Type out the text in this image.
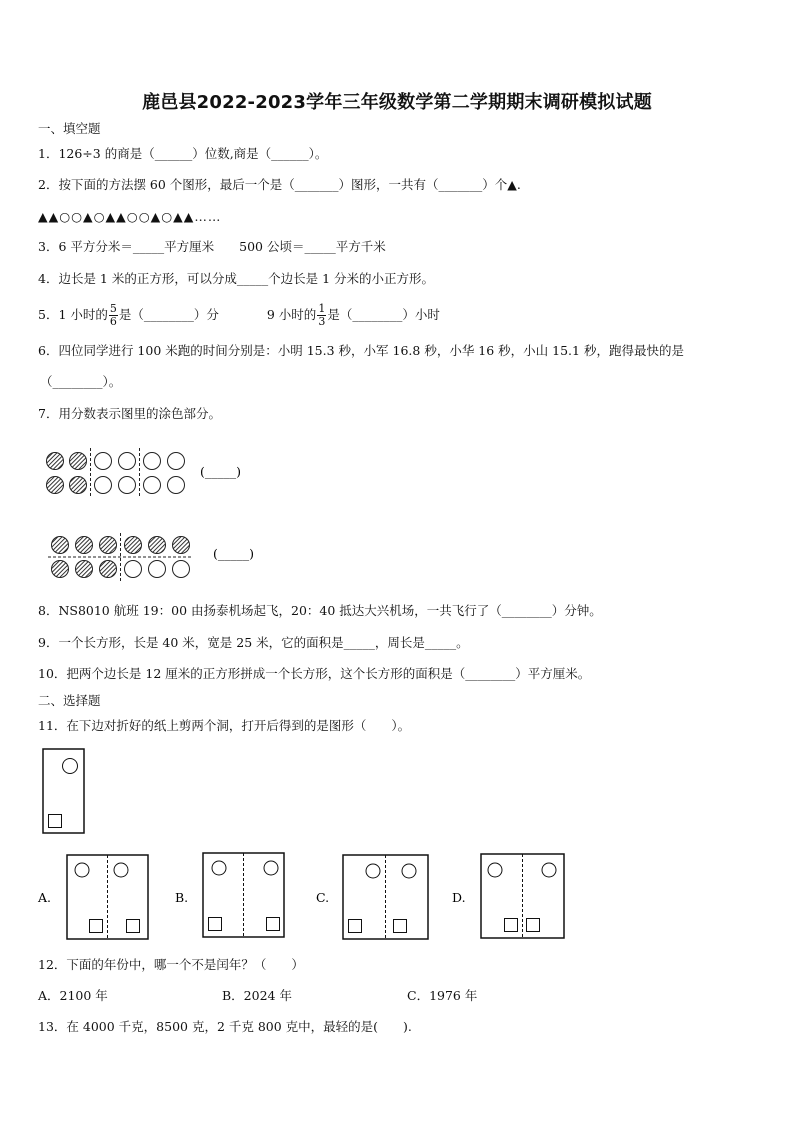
鹿邑县2022-2023学年三年级数学第二学期期末调研模拟试题
一、填空题
1．126÷3 的商是（______）位数,商是（______）。
2．按下面的方法摆 60 个图形，最后一个是（_______）图形，一共有（_______）个▲.
▲▲○○▲○▲▲○○▲○▲▲……
3．6 平方分米＝_____平方厘米　　500 公顷＝_____平方千米
4．边长是 1 米的正方形，可以分成_____个边长是 1 分米的小正方形。
5．1 小时的 $\frac{5}{6}$ 是（________）分	9 小时的 $\frac{1}{3}$ 是（________）小时
6．四位同学进行 100 米跑的时间分别是：小明 15.3 秒，小军 16.8 秒，小华 16 秒，小山 15.1 秒，跑得最快的是
（________）。
7．用分数表示图里的涂色部分。
(_____)
(_____)
A.	B.	C.	D.
8．NS8010 航班 19：00 由扬泰机场起飞，20：40 抵达大兴机场，一共飞行了（________）分钟。
9．一个长方形，长是 40 米，宽是 25 米，它的面积是_____，周长是_____。
10．把两个边长是 12 厘米的正方形拼成一个长方形，这个长方形的面积是（________）平方厘米。
二、选择题
11．在下边对折好的纸上剪两个洞，打开后得到的是图形（　　）。
12．下面的年份中，哪一个不是闰年？（　　）
A．2100 年	B．2024 年	C．1976 年
13．在 4000 千克，8500 克，2 千克 800 克中，最轻的是(　　).
